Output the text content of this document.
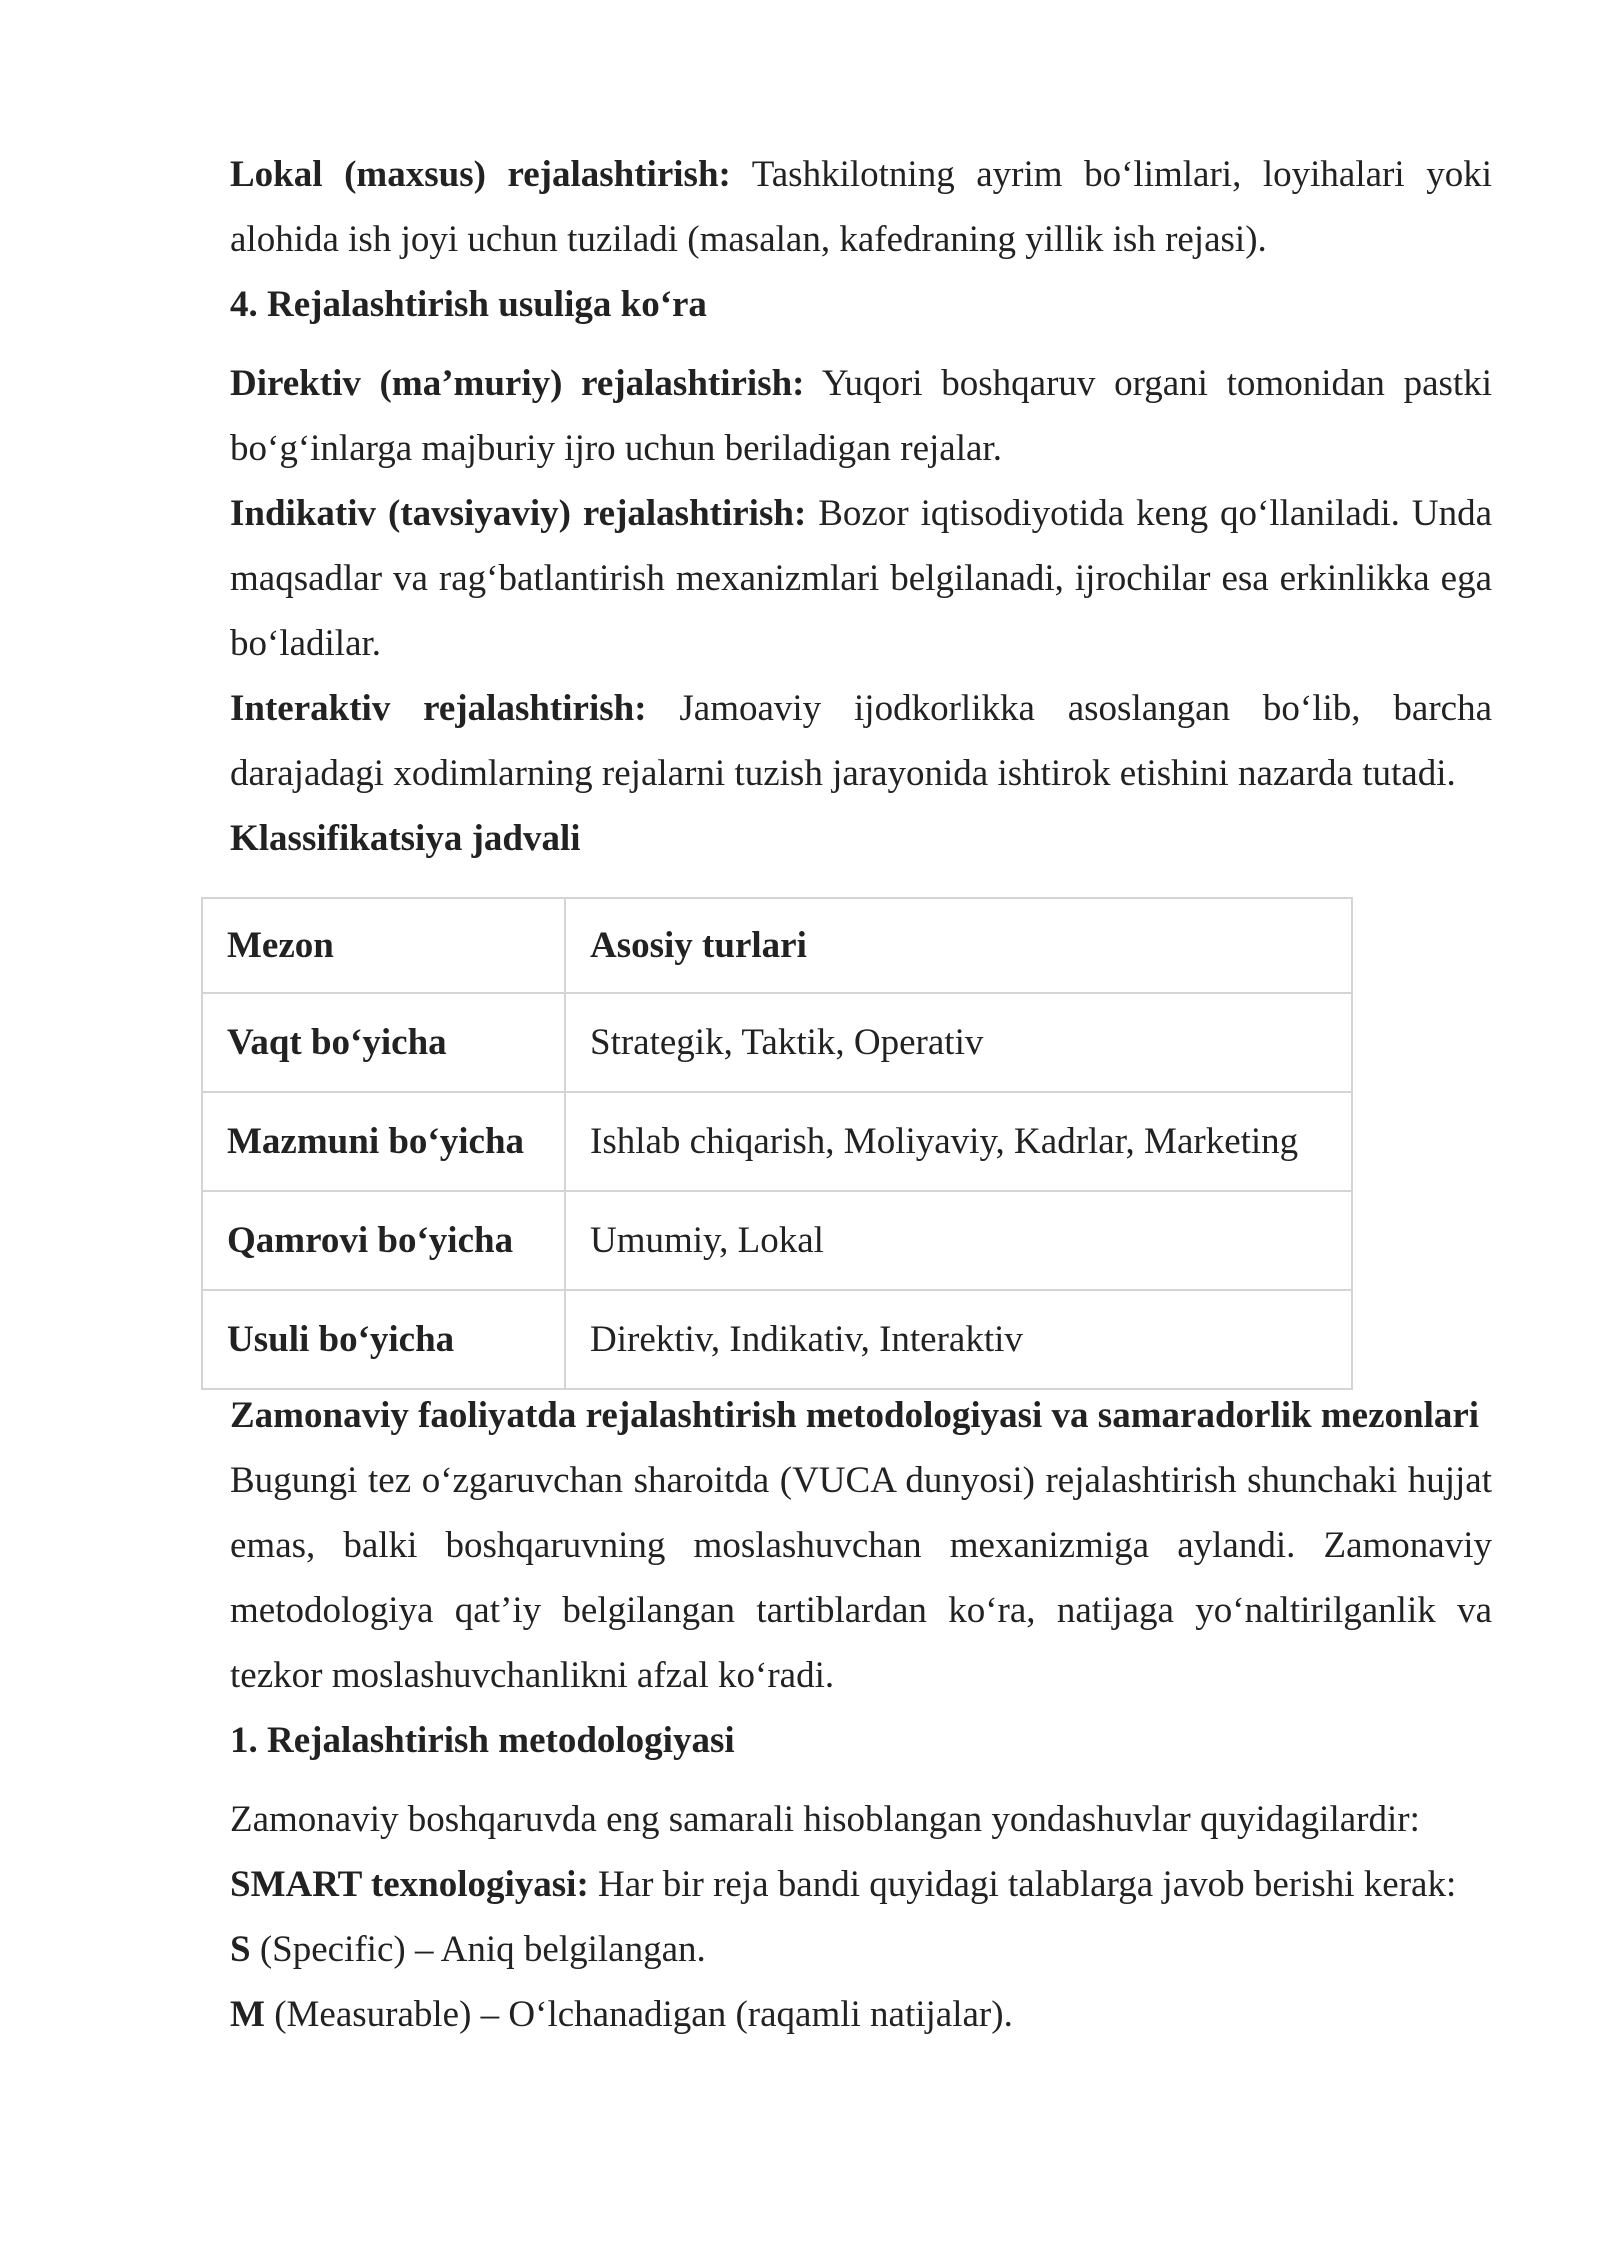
Lokal (maxsus) rejalashtirish: Tashkilotning ayrim bo‘limlari, loyihalari yoki alohida ish joyi uchun tuziladi (masalan, kafedraning yillik ish rejasi).

4. Rejalashtirish usuliga ko‘ra

Direktiv (ma’muriy) rejalashtirish: Yuqori boshqaruv organi tomonidan pastki bo‘g‘inlarga majburiy ijro uchun beriladigan rejalar.

Indikativ (tavsiyaviy) rejalashtirish: Bozor iqtisodiyotida keng qo‘llaniladi. Unda maqsadlar va rag‘batlantirish mexanizmlari belgilanadi, ijrochilar esa erkinlikka ega bo‘ladilar.

Interaktiv rejalashtirish: Jamoaviy ijodkorlikka asoslangan bo‘lib, barcha darajadagi xodimlarning rejalarni tuzish jarayonida ishtirok etishini nazarda tutadi.

Klassifikatsiya jadvali
Mezon	Asosiy turlari
Vaqt bo‘yicha	Strategik, Taktik, Operativ
Mazmuni bo‘yicha	Ishlab chiqarish, Moliyaviy, Kadrlar, Marketing
Qamrovi bo‘yicha	Umumiy, Lokal
Usuli bo‘yicha	Direktiv, Indikativ, Interaktiv

Zamonaviy faoliyatda rejalashtirish metodologiyasi va samaradorlik mezonlari

Bugungi tez o‘zgaruvchan sharoitda (VUCA dunyosi) rejalashtirish shunchaki hujjat emas, balki boshqaruvning moslashuvchan mexanizmiga aylandi. Zamonaviy metodologiya qat’iy belgilangan tartiblardan ko‘ra, natijaga yo‘naltirilganlik va tezkor moslashuvchanlikni afzal ko‘radi.

1. Rejalashtirish metodologiyasi

Zamonaviy boshqaruvda eng samarali hisoblangan yondashuvlar quyidagilardir:

SMART texnologiyasi: Har bir reja bandi quyidagi talablarga javob berishi kerak:

S (Specific) – Aniq belgilangan.

M (Measurable) – O‘lchanadigan (raqamli natijalar).
